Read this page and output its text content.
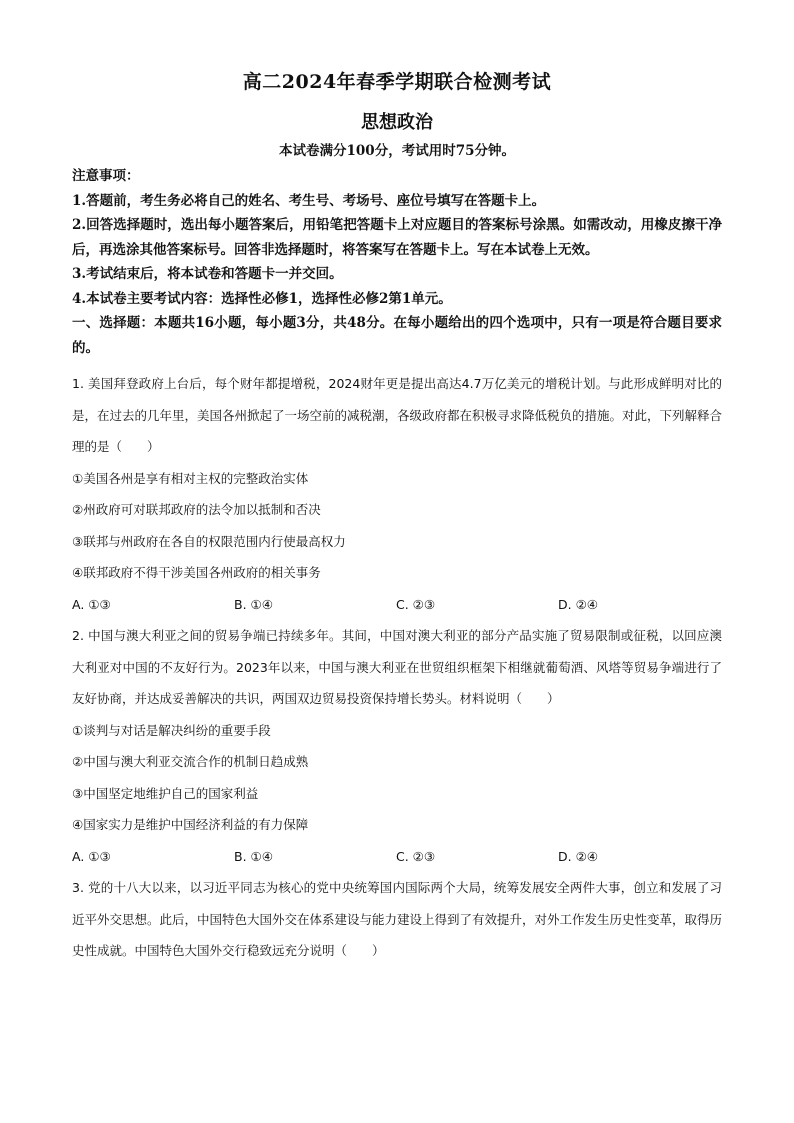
高二2024年春季学期联合检测考试
思想政治
本试卷满分100分，考试用时75分钟。
注意事项：
1.答题前，考生务必将自己的姓名、考生号、考场号、座位号填写在答题卡上。
2.回答选择题时，选出每小题答案后，用铅笔把答题卡上对应题目的答案标号涂黑。如需改动，用橡皮擦干净后，再选涂其他答案标号。回答非选择题时，将答案写在答题卡上。写在本试卷上无效。
3.考试结束后，将本试卷和答题卡一并交回。
4.本试卷主要考试内容：选择性必修1，选择性必修2第1单元。
一、选择题：本题共16小题，每小题3分，共48分。在每小题给出的四个选项中，只有一项是符合题目要求的。
1. 美国拜登政府上台后，每个财年都提增税，2024财年更是提出高达4.7万亿美元的增税计划。与此形成鲜明对比的是，在过去的几年里，美国各州掀起了一场空前的减税潮，各级政府都在积极寻求降低税负的措施。对此，下列解释合理的是（　　）
①美国各州是享有相对主权的完整政治实体
②州政府可对联邦政府的法令加以抵制和否决
③联邦与州政府在各自的权限范围内行使最高权力
④联邦政府不得干涉美国各州政府的相关事务
A. ①③	B. ①④	C. ②③	D. ②④
2. 中国与澳大利亚之间的贸易争端已持续多年。其间，中国对澳大利亚的部分产品实施了贸易限制或征税，以回应澳大利亚对中国的不友好行为。2023年以来，中国与澳大利亚在世贸组织框架下相继就葡萄酒、风塔等贸易争端进行了友好协商，并达成妥善解决的共识，两国双边贸易投资保持增长势头。材料说明（　　）
①谈判与对话是解决纠纷的重要手段
②中国与澳大利亚交流合作的机制日趋成熟
③中国坚定地维护自己的国家利益
④国家实力是维护中国经济利益的有力保障
A. ①③	B. ①④	C. ②③	D. ②④
3. 党的十八大以来，以习近平同志为核心的党中央统筹国内国际两个大局，统筹发展安全两件大事，创立和发展了习近平外交思想。此后，中国特色大国外交在体系建设与能力建设上得到了有效提升，对外工作发生历史性变革，取得历史性成就。中国特色大国外交行稳致远充分说明（　　）
